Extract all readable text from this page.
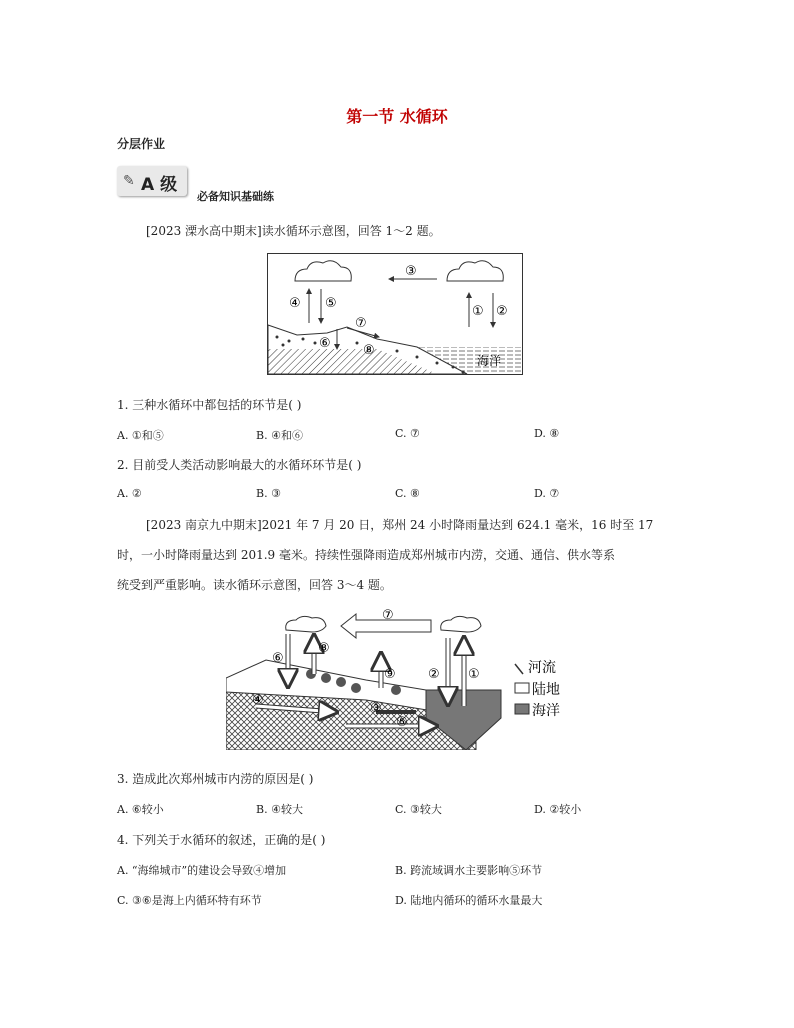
第一节 水循环
分层作业
✎ A 级
必备知识基础练
[2023 溧水高中期末]读水循环示意图，回答 1～2 题。
③
④ ⑤
① ②
海洋
⑦
⑥ ⑧
1. 三种水循环中都包括的环节是( )
A. ①和⑤	B. ④和⑥	C. ⑦	D. ⑧
2. 目前受人类活动影响最大的水循环环节是( )
A. ②	B. ③	C. ⑧	D. ⑦
[2023 南京九中期末]2021 年 7 月 20 日，郑州 24 小时降雨量达到 624.1 毫米，16 时至 17
时，一小时降雨量达到 201.9 毫米。持续性强降雨造成郑州城市内涝，交通、通信、供水等系
统受到严重影响。读水循环示意图，回答 3～4 题。
⑦
⑥
⑧
⑨ ② ①
④
③
⑤
河流
陆地
海洋
3. 造成此次郑州城市内涝的原因是( )
A. ⑥较小	B. ④较大	C. ③较大	D. ②较小
4. 下列关于水循环的叙述，正确的是( )
A. “海绵城市”的建设会导致④增加	B. 跨流域调水主要影响⑤环节
C. ③⑥是海上内循环特有环节	D. 陆地内循环的循环水量最大
